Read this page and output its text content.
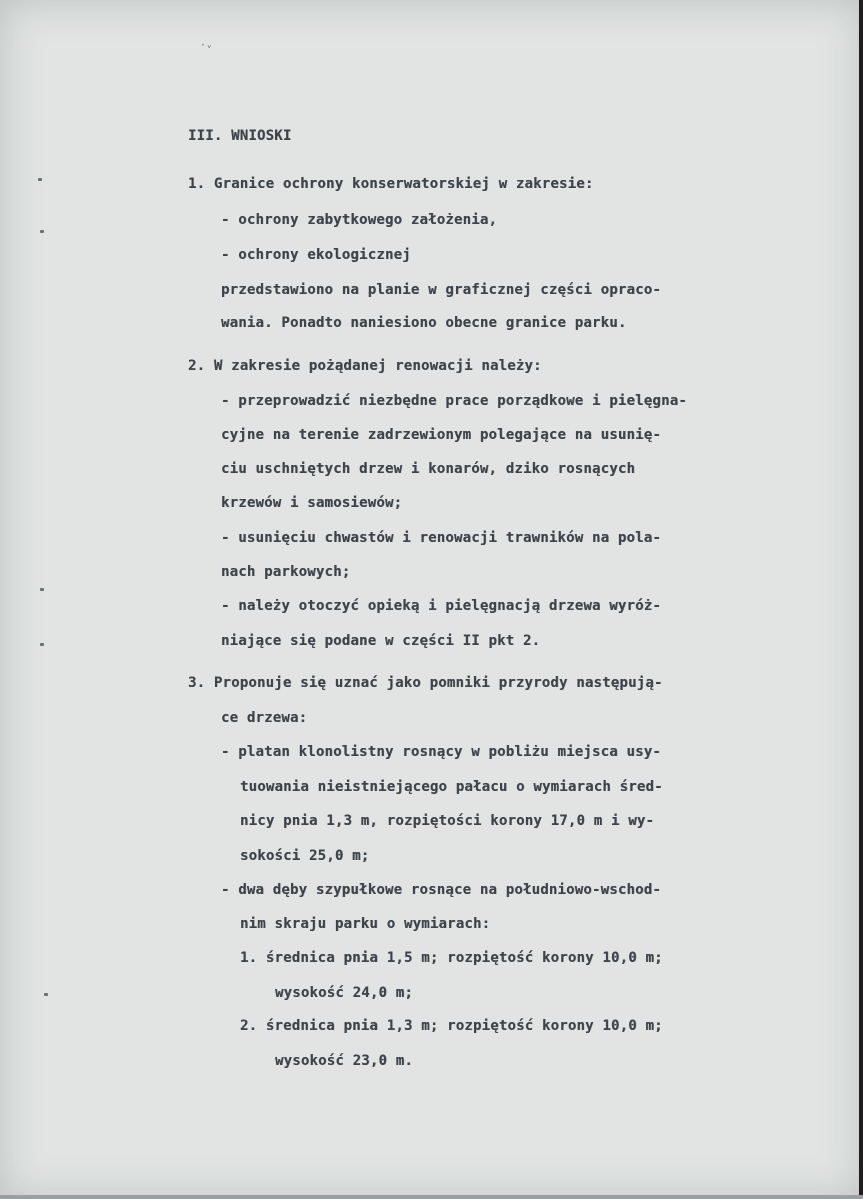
·ᵥ
III. WNIOSKI
1. Granice ochrony konserwatorskiej w zakresie:
- ochrony zabytkowego założenia,
- ochrony ekologicznej
przedstawiono na planie w graficznej części opraco-
wania. Ponadto naniesiono obecne granice parku.
2. W zakresie pożądanej renowacji należy:
- przeprowadzić niezbędne prace porządkowe i pielęgna-
cyjne na terenie zadrzewionym polegające na usunię-
ciu uschniętych drzew i konarów, dziko rosnących
krzewów i samosiewów;
- usunięciu chwastów i renowacji trawników na pola-
nach parkowych;
- należy otoczyć opieką i pielęgnacją drzewa wyróż-
niające się podane w części II pkt 2.
3. Proponuje się uznać jako pomniki przyrody następują-
ce drzewa:
- platan klonolistny rosnący w pobliżu miejsca usy-
tuowania nieistniejącego pałacu o wymiarach śred-
nicy pnia 1,3 m, rozpiętości korony 17,0 m i wy-
sokości 25,0 m;
- dwa dęby szypułkowe rosnące na południowo-wschod-
nim skraju parku o wymiarach:
1. średnica pnia 1,5 m; rozpiętość korony 10,0 m;
wysokość 24,0 m;
2. średnica pnia 1,3 m; rozpiętość korony 10,0 m;
wysokość 23,0 m.
